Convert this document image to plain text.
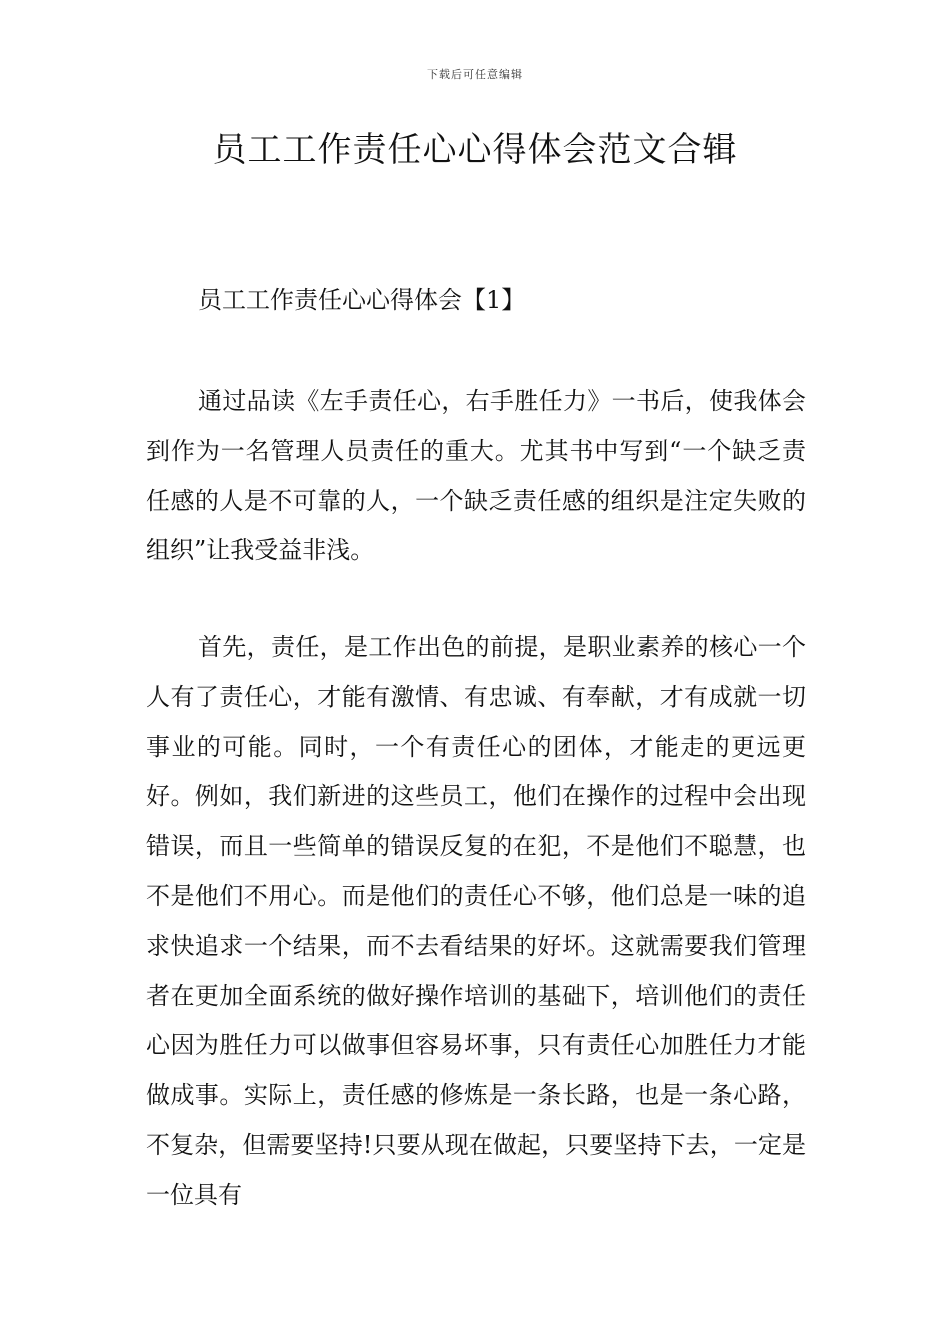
下载后可任意编辑
员工工作责任心心得体会范文合辑

员工工作责任心心得体会【1】

通过品读《左手责任心，右手胜任力》一书后，使我体会到作为一名管理人员责任的重大。尤其书中写到“一个缺乏责任感的人是不可靠的人，一个缺乏责任感的组织是注定失败的组织”让我受益非浅。

首先，责任，是工作出色的前提，是职业素养的核心一个人有了责任心，才能有激情、有忠诚、有奉献，才有成就一切事业的可能。同时，一个有责任心的团体，才能走的更远更好。例如，我们新进的这些员工，他们在操作的过程中会出现错误，而且一些简单的错误反复的在犯，不是他们不聪慧，也不是他们不用心。而是他们的责任心不够，他们总是一味的追求快追求一个结果，而不去看结果的好坏。这就需要我们管理者在更加全面系统的做好操作培训的基础下，培训他们的责任心因为胜任力可以做事但容易坏事，只有责任心加胜任力才能做成事。实际上，责任感的修炼是一条长路，也是一条心路，不复杂，但需要坚持!只要从现在做起，只要坚持下去，一定是一位具有
